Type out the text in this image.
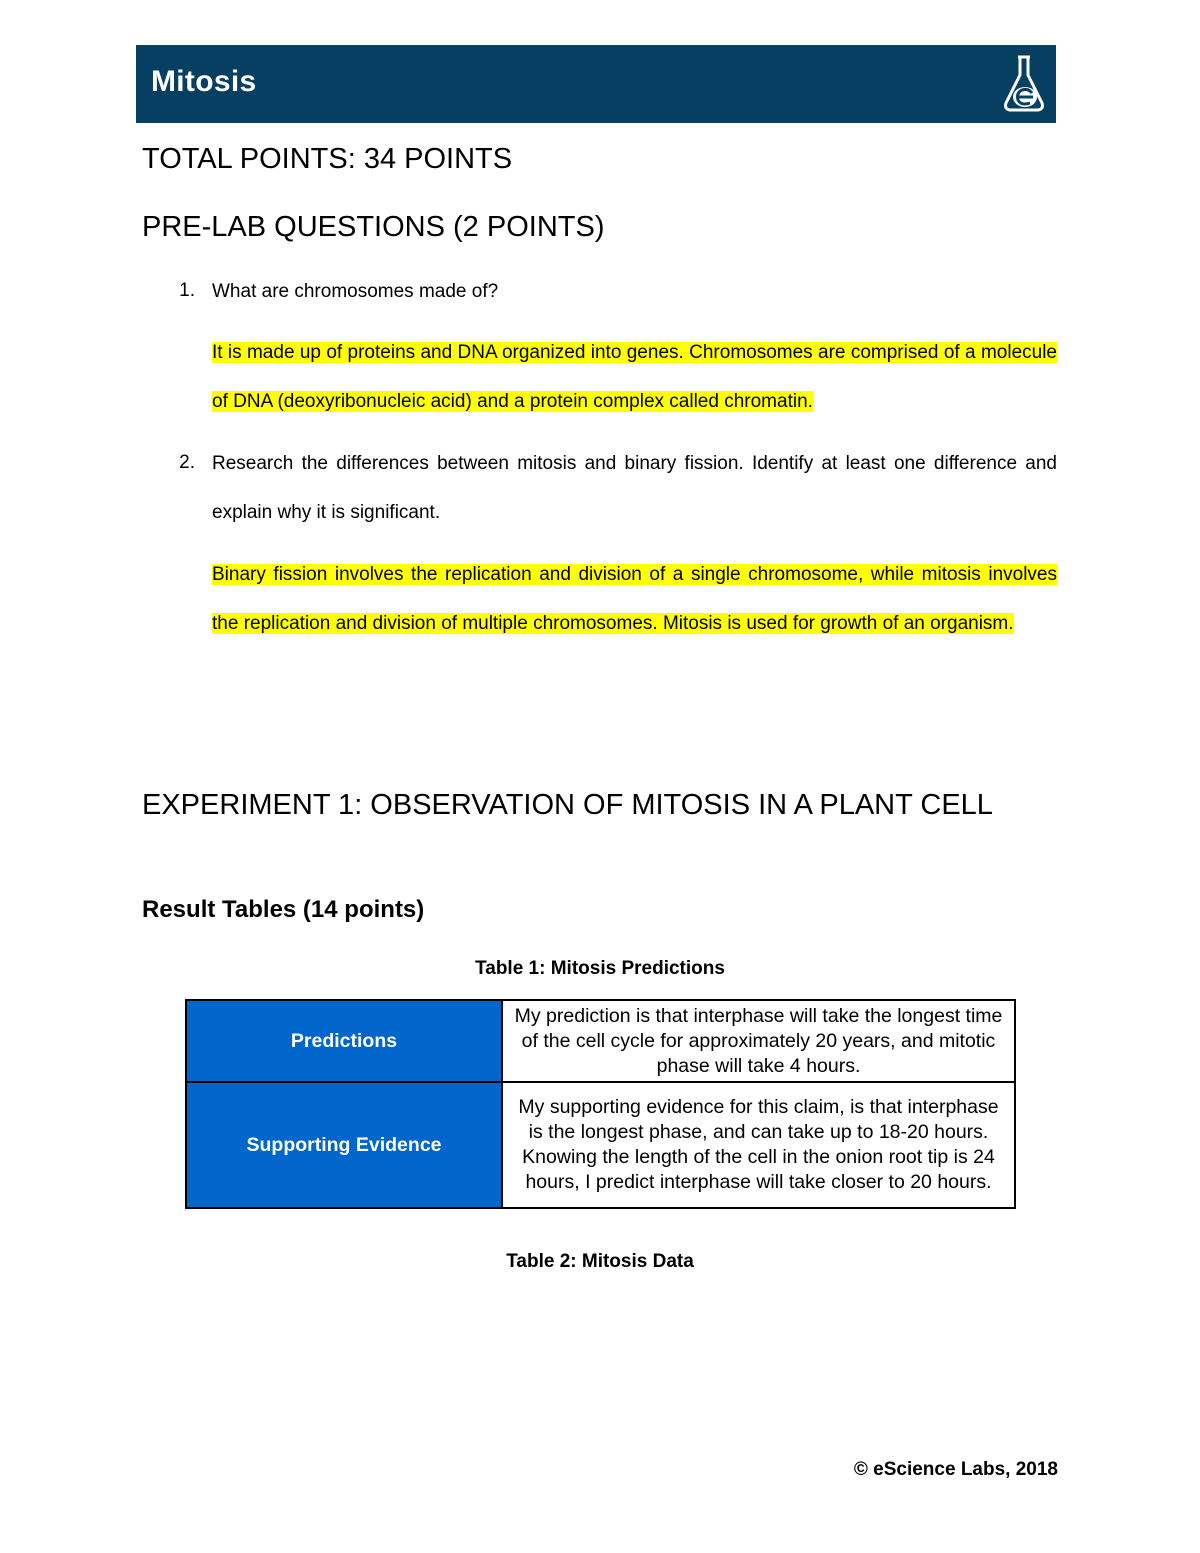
Mitosis
TOTAL POINTS: 34 POINTS
PRE-LAB QUESTIONS (2 POINTS)
1. What are chromosomes made of?
It is made up of proteins and DNA organized into genes. Chromosomes are comprised of a molecule of DNA (deoxyribonucleic acid) and a protein complex called chromatin.
2. Research the differences between mitosis and binary fission. Identify at least one difference and explain why it is significant.
Binary fission involves the replication and division of a single chromosome, while mitosis involves the replication and division of multiple chromosomes. Mitosis is used for growth of an organism.
EXPERIMENT 1: OBSERVATION OF MITOSIS IN A PLANT CELL
Result Tables (14 points)
Table 1: Mitosis Predictions
Predictions	My prediction is that interphase will take the longest time of the cell cycle for approximately 20 years, and mitotic phase will take 4 hours.
Supporting Evidence	My supporting evidence for this claim, is that interphase is the longest phase, and can take up to 18-20 hours. Knowing the length of the cell in the onion root tip is 24 hours, I predict interphase will take closer to 20 hours.
Table 2: Mitosis Data
© eScience Labs, 2018
